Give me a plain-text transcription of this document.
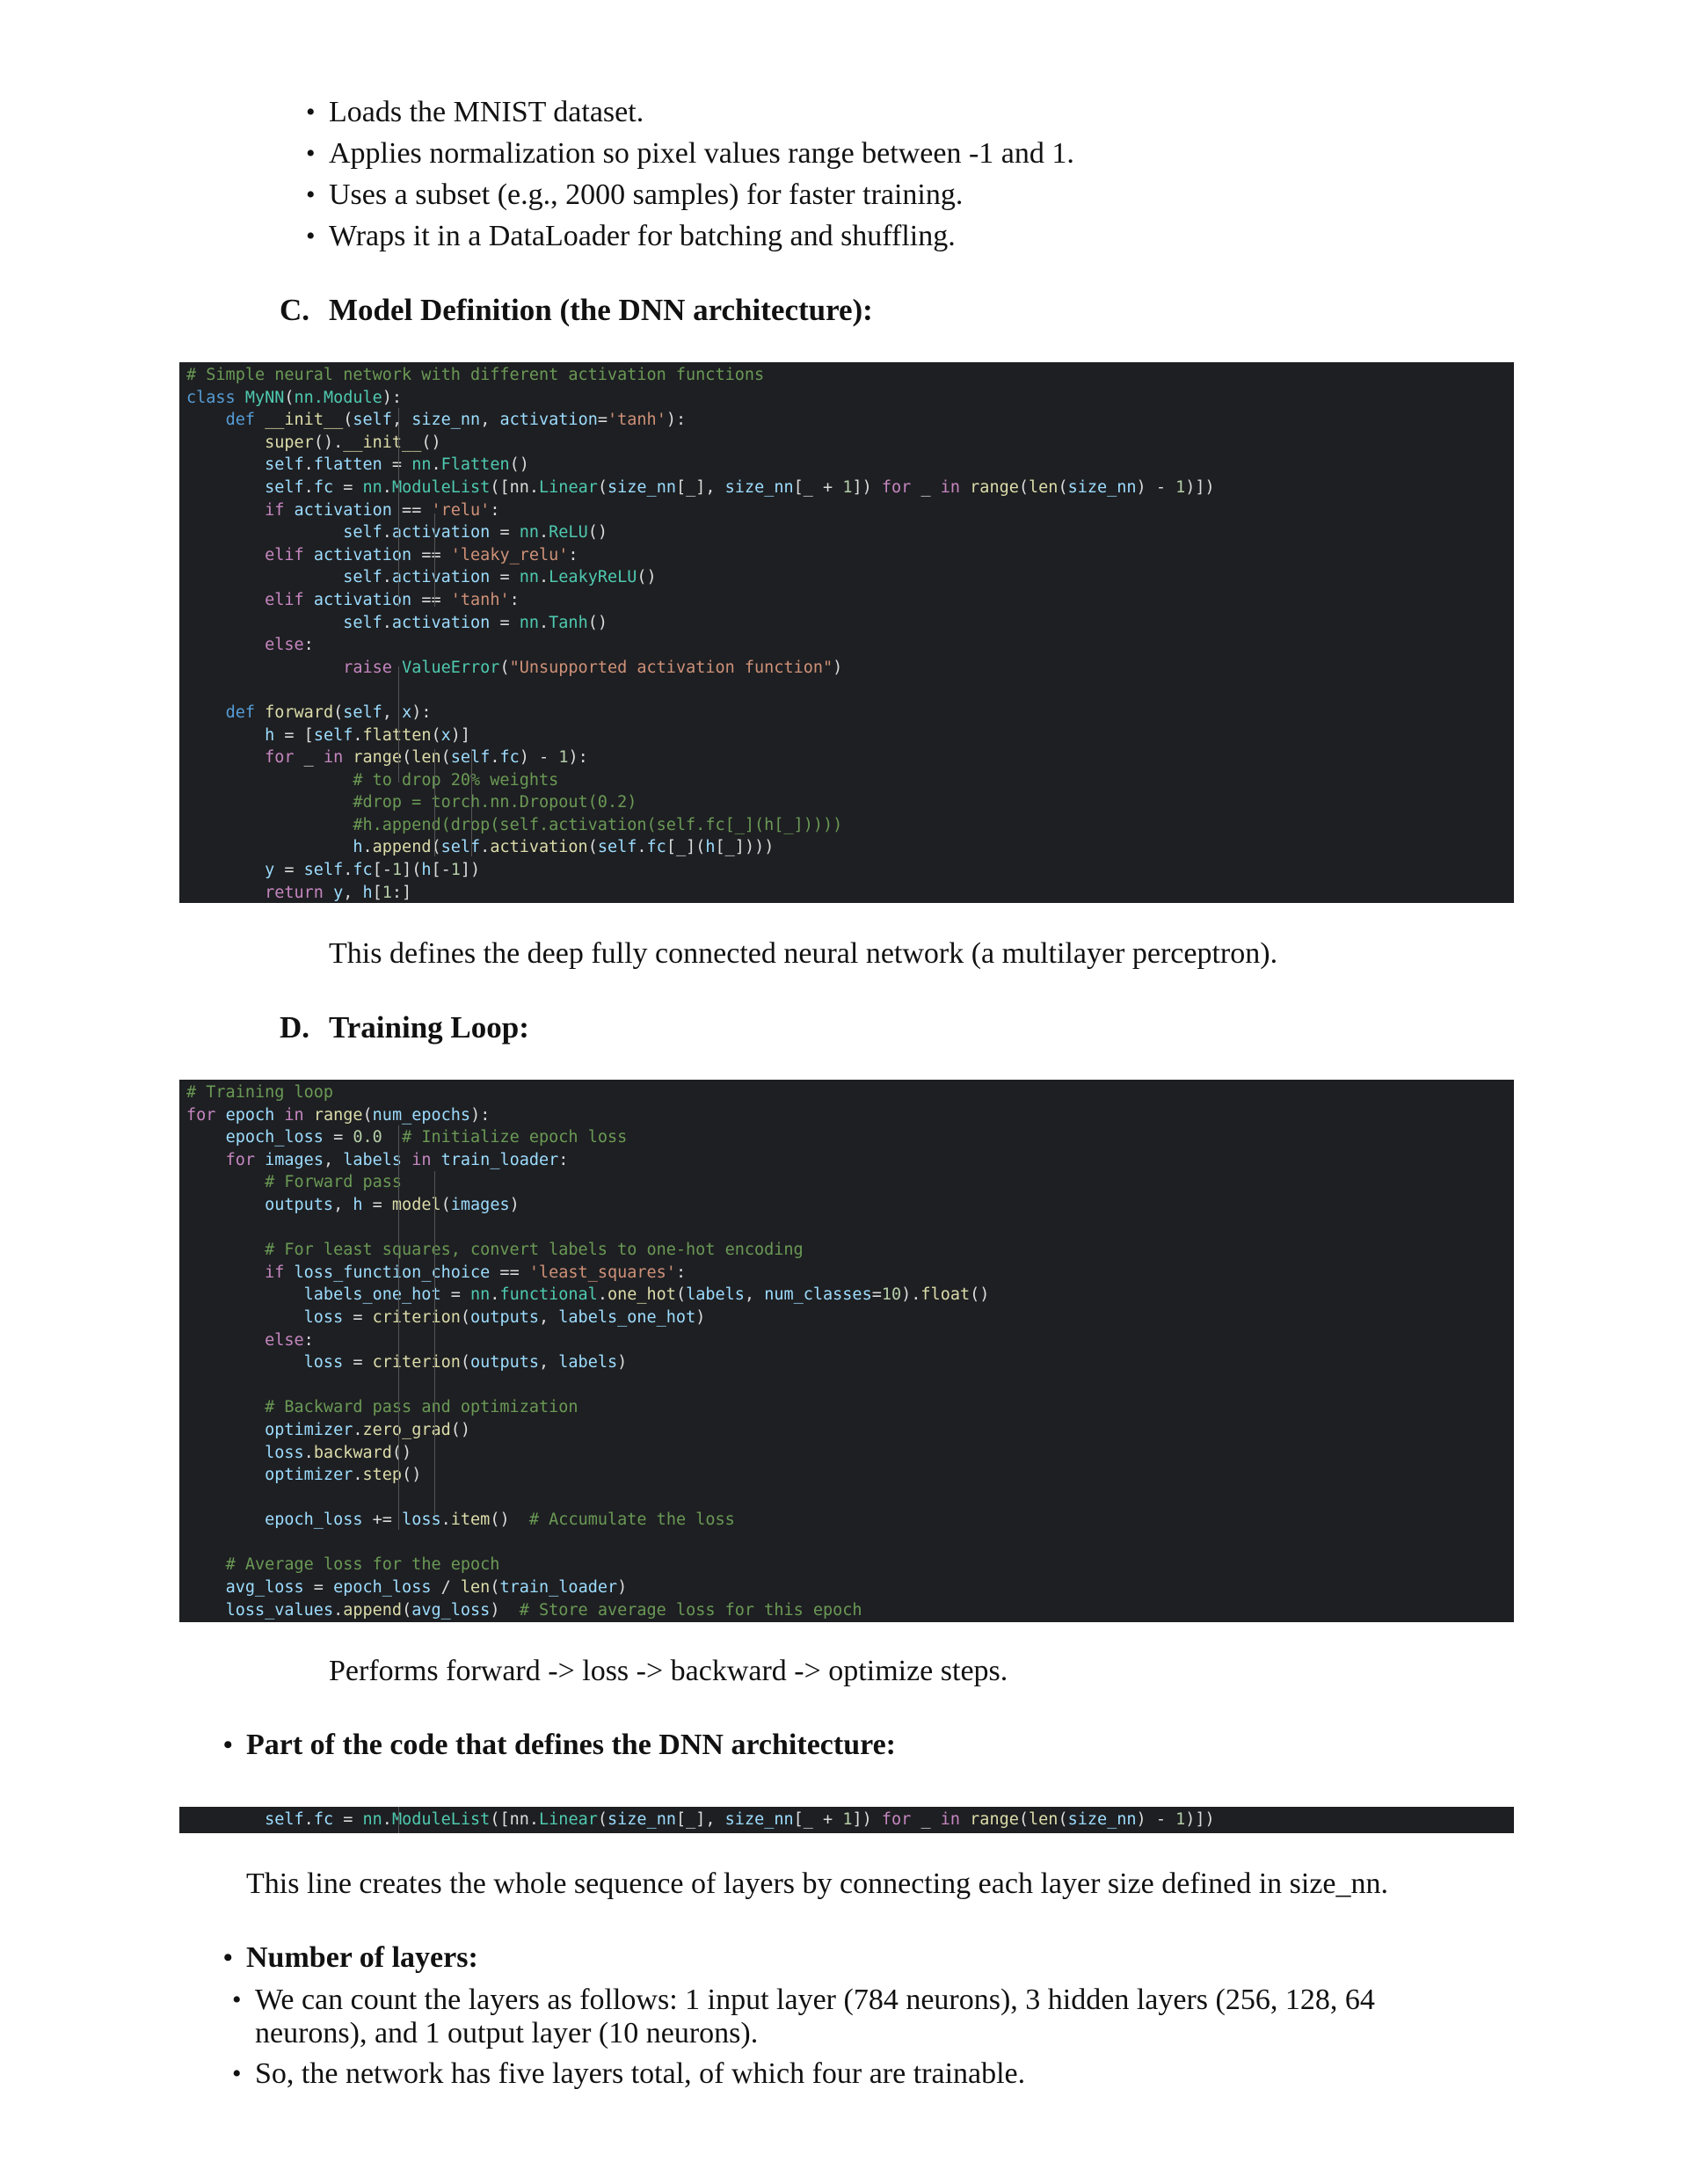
• Loads the MNIST dataset.
• Applies normalization so pixel values range between -1 and 1.
• Uses a subset (e.g., 2000 samples) for faster training.
• Wraps it in a DataLoader for batching and shuffling.
C. Model Definition (the DNN architecture):
# Simple neural network with different activation functions
class MyNN(nn.Module):
def __init__(self, size_nn, activation='tanh'):
super().__init__()
self.flatten = nn.Flatten()
self.fc = nn.ModuleList([nn.Linear(size_nn[_], size_nn[_ + 1]) for _ in range(len(size_nn) - 1)])
if activation == 'relu':
self.activation = nn.ReLU()
elif activation == 'leaky_relu':
self.activation = nn.LeakyReLU()
elif activation == 'tanh':
self.activation = nn.Tanh()
else:
raise ValueError("Unsupported activation function")
def forward(self, x):
h = [self.flatten(x)]
for _ in range(len(self.fc) - 1):
# to drop 20% weights
#drop = torch.nn.Dropout(0.2)
#h.append(drop(self.activation(self.fc[_](h[_]))))
h.append(self.activation(self.fc[_](h[_])))
y = self.fc[-1](h[-1])
return y, h[1:]
This defines the deep fully connected neural network (a multilayer perceptron).
D. Training Loop:
# Training loop
for epoch in range(num_epochs):
epoch_loss = 0.0 # Initialize epoch loss
for images, labels in train_loader:
# Forward pass
outputs, h = model(images)
# For least squares, convert labels to one-hot encoding
if loss_function_choice == 'least_squares':
labels_one_hot = nn.functional.one_hot(labels, num_classes=10).float()
loss = criterion(outputs, labels_one_hot)
else:
loss = criterion(outputs, labels)
# Backward pass and optimization
optimizer.zero_grad()
loss.backward()
optimizer.step()
epoch_loss += loss.item()  # Accumulate the loss
# Average loss for the epoch
avg_loss = epoch_loss / len(train_loader)
loss_values.append(avg_loss)  # Store average loss for this epoch
Performs forward -> loss -> backward -> optimize steps.
• Part of the code that defines the DNN architecture:
self.fc = nn.ModuleList([nn.Linear(size_nn[_], size_nn[_ + 1]) for _ in range(len(size_nn) - 1)])
This line creates the whole sequence of layers by connecting each layer size defined in size_nn.
• Number of layers:
• We can count the layers as follows: 1 input layer (784 neurons), 3 hidden layers (256, 128, 64
neurons), and 1 output layer (10 neurons).
• So, the network has five layers total, of which four are trainable.
